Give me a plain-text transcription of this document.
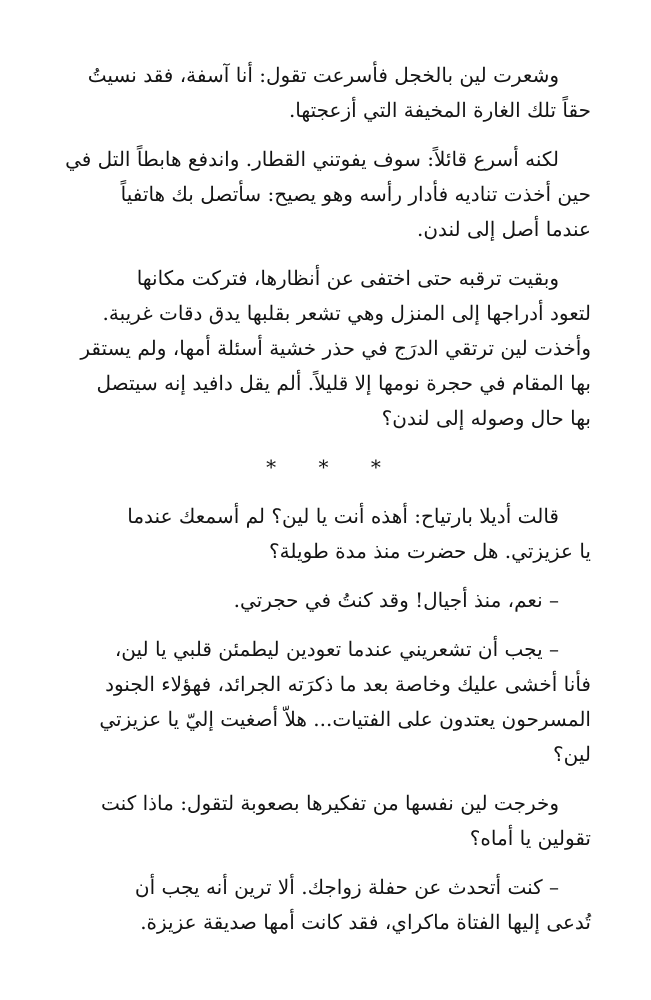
وشعرت لين بالخجل فأسرعت تقول: أنا آسفة، فقد نسيتُ
حقاً تلك الغارة المخيفة التي أزعجتها.
لكنه أسرع قائلاً: سوف يفوتني القطار. واندفع هابطاً التل في
حين أخذت تناديه فأدار رأسه وهو يصيح: سأتصل بك هاتفياً
عندما أصل إلى لندن.
وبقيت ترقبه حتى اختفى عن أنظارها، فتركت مكانها
لتعود أدراجها إلى المنزل وهي تشعر بقلبها يدق دقات غريبة.
وأخذت لين ترتقي الدرَج في حذر خشية أسئلة أمها، ولم يستقر
بها المقام في حجرة نومها إلا قليلاً. ألم يقل دافيد إنه سيتصل
بها حال وصوله إلى لندن؟
* * *
قالت أديلا بارتياح: أهذه أنت يا لين؟ لم أسمعك عندما
يا عزيزتي. هل حضرت منذ مدة طويلة؟
– نعم، منذ أجيال! وقد كنتُ في حجرتي.
– يجب أن تشعريني عندما تعودين ليطمئن قلبي يا لين،
فأنا أخشى عليك وخاصة بعد ما ذكرَته الجرائد، فهؤلاء الجنود
المسرحون يعتدون على الفتيات... هلاّ أصغيت إليّ يا عزيزتي
لين؟
وخرجت لين نفسها من تفكيرها بصعوبة لتقول: ماذا كنت
تقولين يا أماه؟
– كنت أتحدث عن حفلة زواجك. ألا ترين أنه يجب أن
تُدعى إليها الفتاة ماكراي، فقد كانت أمها صديقة عزيزة.
